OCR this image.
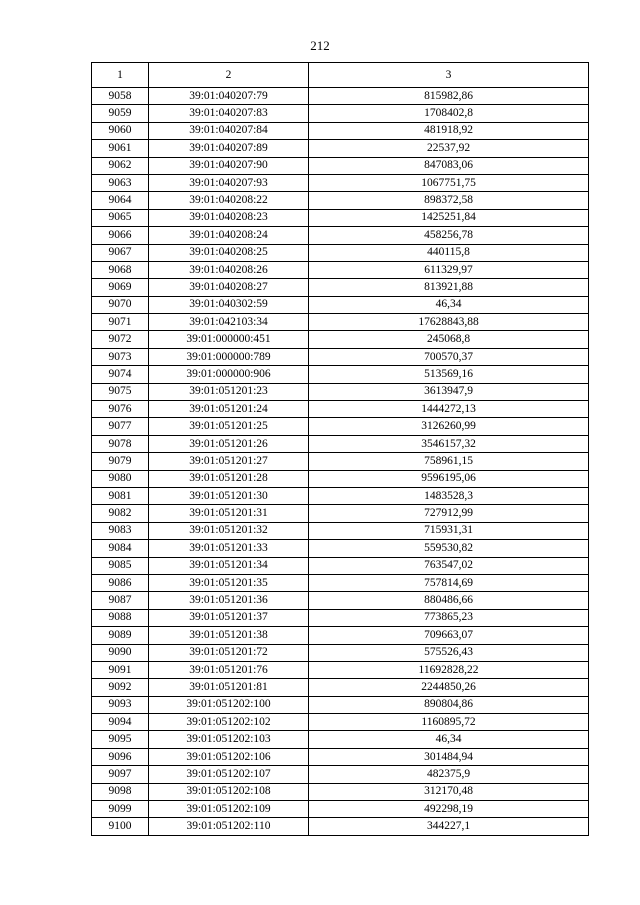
212
1	2	3
9058	39:01:040207:79	815982,86
9059	39:01:040207:83	1708402,8
9060	39:01:040207:84	481918,92
9061	39:01:040207:89	22537,92
9062	39:01:040207:90	847083,06
9063	39:01:040207:93	1067751,75
9064	39:01:040208:22	898372,58
9065	39:01:040208:23	1425251,84
9066	39:01:040208:24	458256,78
9067	39:01:040208:25	440115,8
9068	39:01:040208:26	611329,97
9069	39:01:040208:27	813921,88
9070	39:01:040302:59	46,34
9071	39:01:042103:34	17628843,88
9072	39:01:000000:451	245068,8
9073	39:01:000000:789	700570,37
9074	39:01:000000:906	513569,16
9075	39:01:051201:23	3613947,9
9076	39:01:051201:24	1444272,13
9077	39:01:051201:25	3126260,99
9078	39:01:051201:26	3546157,32
9079	39:01:051201:27	758961,15
9080	39:01:051201:28	9596195,06
9081	39:01:051201:30	1483528,3
9082	39:01:051201:31	727912,99
9083	39:01:051201:32	715931,31
9084	39:01:051201:33	559530,82
9085	39:01:051201:34	763547,02
9086	39:01:051201:35	757814,69
9087	39:01:051201:36	880486,66
9088	39:01:051201:37	773865,23
9089	39:01:051201:38	709663,07
9090	39:01:051201:72	575526,43
9091	39:01:051201:76	11692828,22
9092	39:01:051201:81	2244850,26
9093	39:01:051202:100	890804,86
9094	39:01:051202:102	1160895,72
9095	39:01:051202:103	46,34
9096	39:01:051202:106	301484,94
9097	39:01:051202:107	482375,9
9098	39:01:051202:108	312170,48
9099	39:01:051202:109	492298,19
9100	39:01:051202:110	344227,1
